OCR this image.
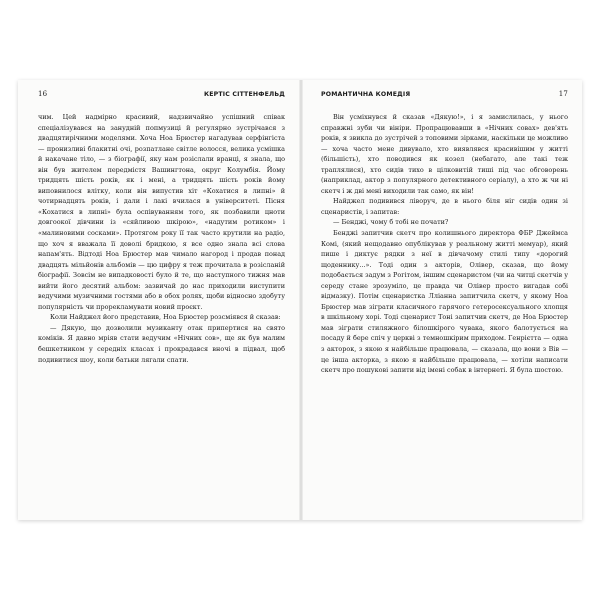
16	КЕРТІС СІТТЕНФЕЛЬД

чим. Цей надмірно красивий, надзвичайно успішний співак спеціалізувався на занудній попмузиці й регулярно зустрічався з двадцятирічними моделями. Хоча Ноа Брюстер нагадував серфінгіста — пронизливі блакитні очі, розпатлане світле волосся, велика усмішка й накачане тіло, — з біографії, яку нам розіслали вранці, я знала, що він був жителем передмістя Вашингтона, округ Колумбія. Йому тридцять шість років, як і мені, а тридцять шість років йому виповнилося влітку, коли він випустив хіт «Кохатися в липні» й чотирнадцять років, і дали і лакі вчилася в університеті. Пісня «Кохатися в липні» була оспівуванням того, як позбавили цноти довгоокої дівчини із «сяйливою шкірою», «надутим ротиком» і «малиновими сосками». Протягом року її так часто крутили на радіо, що хоч я вважала її доволі бридкою, я все одно знала всі слова напам'ять. Відтоді Ноа Брюстер мав чимало нагород і продав понад двадцять мільйонів альбомів — цю цифру я теж прочитала в розісланій біографії. Зовсім не випадковості було й те, що наступного тижня мав вийти його десятий альбом: зазвичай до нас приходили виступити ведучими музичними гостями або в обох ролях, щоби відносно здобуту популярність чи прорекламувати новий проєкт.

Коли Найджел його представив, Ноа Брюстер розсміявся й сказав:

— Дякую, що дозволили музиканту отак припертися на свято коміків. Я давно мріяв стати ведучим «Нічних сов», ще як був малим бешкетником у середніх класах і прокрадався вночі в підвал, щоб подивитися шоу, коли батьки лягали спати.

РОМАНТИЧНА КОМЕДІЯ	17

Він усміхнувся й сказав «Дякую!», і я замислилась, у нього справжні зуби чи вініри. Пропрацювавши в «Нічних совах» дев'ять років, я звикла до зустрічей з топовими зірками, наскільки це можливо — хоча часто мене дивувало, хто виявлявся красивішим у житті (більшість), хто поводився як козел (небагато, але такі теж траплялися), хто сидів тихо в цілковитій тиші під час обговорень (наприклад, актор з популярного детективного серіалу), а хто ж чи ні скетч і ж дві мені виходили так само, як він!

Найджел подивився ліворуч, де в нього біля ніг сидів один зі сценаристів, і запитав:

— Бенджі, чому б тобі не почати?

Бенджі запитчив скетч про колишнього директора ФБР Джеймса Комі, (який нещодавно опублікував у реальному житті мемуар), який пише і диктує рядки з неї в дівчачому стилі типу «дорогий щоденнику...». Тоді один з акторів, Олівер, сказав, що йому подобається задум з Рогітом, іншим сценаристом (чи на читці скетчів у середу стане зрозуміло, це правда чи Олівер просто вигадав собі відмазку). Потім сценаристка Лліанна запитчила скетч, у якому Ноа Брюстер мав зіграти класичного гарячого гетеросексуального хлопця в шкільному хорі. Тоді сценарист Тоні запитчив скетч, де Ноа Брюстер мав зіграти стиляжного білошкірого чувака, якого балотується на посаду й бере спіч у церкві з темношкірим приходом. Генрієтта — одна з акторок, з якою я найбільше працювала, — сказала, що вони з Вів — це інша акторка, з якою я найбільше працювала, — хотіли написати скетч про пошукові запити від імені собак в інтернеті. Я була шостою.
